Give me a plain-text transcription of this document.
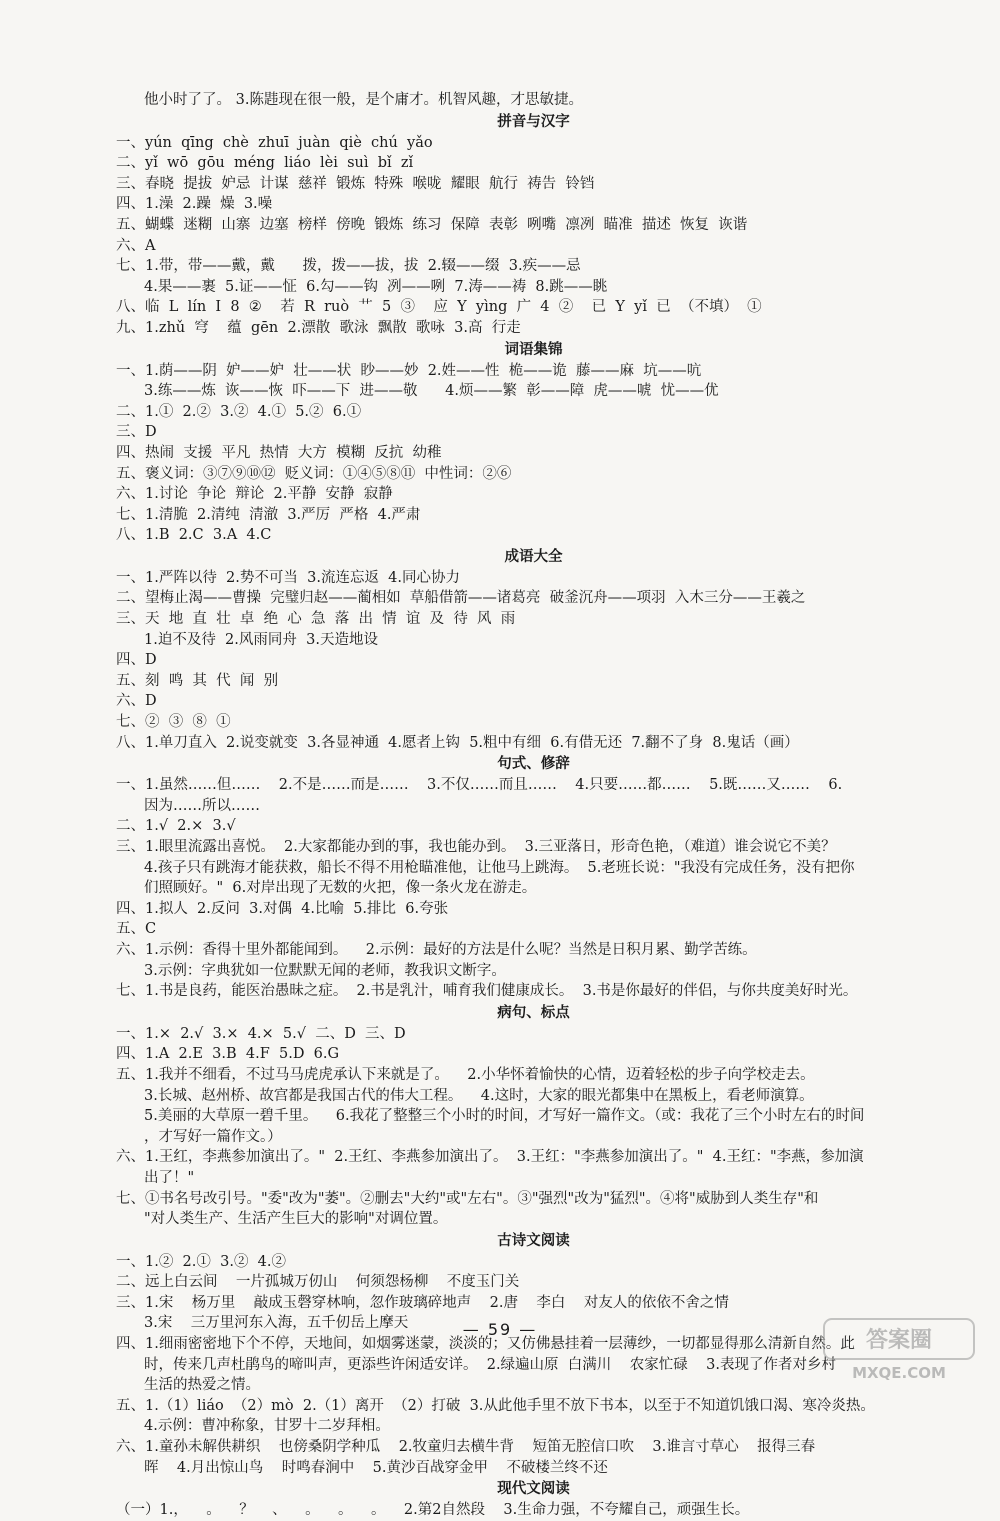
他小时了了。 3.陈韪现在很一般，是个庸才。机智风趣，才思敏捷。
拼音与汉字
一、yún  qīng  chè  zhuī  juàn  qiè  chú  yǎo
二、yǐ  wō  gōu  méng  liáo  lèi  suì  bǐ  zǐ
三、春晓  提拔  妒忌  计谋  慈祥  锻炼  特殊  喉咙  耀眼  航行  祷告  铃铛
四、1.澡  2.躁  燥  3.噪
五、蝴蝶  迷糊  山寨  边塞  榜样  傍晚  锻炼  练习  保障  表彰  咧嘴  凛冽  瞄准  描述  恢复  诙谐
六、A
七、1.带，带——戴，戴      拨，拨——拔，拔  2.辍——缀  3.疾——忌
4.果——裹  5.证——怔  6.勾——钩  冽——咧  7.涛——祷  8.跳——眺
八、临  L  lín  I  8  ②    若  R  ruò  ⺾  5  ③    应  Y  yìng  广  4  ②    已  Y  yǐ  已  （不填）  ①
九、1.zhǔ  穹    蕴  gēn  2.漂散  歌泳  飘散  歌咏  3.高  行走
词语集锦
一、1.荫——阴  妒——妒  壮——状  眇——妙  2.姓——性  桅——诡  藤——麻  坑——吭
3.练——炼  诙——恢  吓——下  进——敬      4.烦——繁  彰——障  虎——唬  忧——优
二、1.①  2.②  3.②  4.①  5.②  6.①
三、D
四、热闹  支援  平凡  热情  大方  模糊  反抗  幼稚
五、褒义词：③⑦⑨⑩⑫  贬义词：①④⑤⑧⑪  中性词：②⑥
六、1.讨论  争论  辩论  2.平静  安静  寂静
七、1.清脆  2.清纯  清澈  3.严厉  严格  4.严肃
八、1.B  2.C  3.A  4.C
成语大全
一、1.严阵以待  2.势不可当  3.流连忘返  4.同心协力
二、望梅止渴——曹操  完璧归赵——蔺相如  草船借箭——诸葛亮  破釜沉舟——项羽  入木三分——王羲之
三、天  地  直  壮  卓  绝  心  急  落  出  情  谊  及  待  风  雨
1.迫不及待  2.风雨同舟  3.天造地设
四、D
五、刻  鸣  其  代  闻  别
六、D
七、②  ③  ⑧  ①
八、1.单刀直入  2.说变就变  3.各显神通  4.愿者上钩  5.粗中有细  6.有借无还  7.翻不了身  8.鬼话（画）
句式、修辞
一、1.虽然……但……    2.不是……而是……    3.不仅……而且……    4.只要……都……    5.既……又……    6.
因为……所以……
二、1.√  2.×  3.√
三、1.眼里流露出喜悦。  2.大家都能办到的事，我也能办到。  3.三亚落日，形奇色艳，（难道）谁会说它不美？
4.孩子只有跳海才能获救，船长不得不用枪瞄准他，让他马上跳海。  5.老班长说："我没有完成任务，没有把你
们照顾好。"  6.对岸出现了无数的火把，像一条火龙在游走。
四、1.拟人  2.反问  3.对偶  4.比喻  5.排比  6.夸张
五、C
六、1.示例：香得十里外都能闻到。    2.示例：最好的方法是什么呢？当然是日积月累、勤学苦练。
3.示例：字典犹如一位默默无闻的老师，教我识文断字。
七、1.书是良药，能医治愚昧之症。  2.书是乳汁，哺育我们健康成长。  3.书是你最好的伴侣，与你共度美好时光。
病句、标点
一、1.×  2.√  3.×  4.×  5.√  二、D  三、D
四、1.A  2.E  3.B  4.F  5.D  6.G
五、1.我并不细看，不过马马虎虎承认下来就是了。    2.小华怀着愉快的心情，迈着轻松的步子向学校走去。
3.长城、赵州桥、故宫都是我国古代的伟大工程。    4.这时，大家的眼光都集中在黑板上，看老师演算。
5.美丽的大草原一碧千里。    6.我花了整整三个小时的时间，才写好一篇作文。（或：我花了三个小时左右的时间
，才写好一篇作文。）
六、1.王红，李燕参加演出了。"  2.王红、李燕参加演出了。  3.王红："李燕参加演出了。"  4.王红："李燕，参加演
出了！"
七、①书名号改引号。"委"改为"萎"。②删去"大约"或"左右"。③"强烈"改为"猛烈"。④将"威胁到人类生存"和
"对人类生产、生活产生巨大的影响"对调位置。
古诗文阅读
一、1.②  2.①  3.②  4.②
二、远上白云间    一片孤城万仞山    何须怨杨柳    不度玉门关
三、1.宋    杨万里    敲成玉磬穿林响，忽作玻璃碎地声    2.唐    李白    对友人的依依不舍之情
3.宋    三万里河东入海，五千仞岳上摩天
四、1.细雨密密地下个不停，天地间，如烟雾迷蒙，淡淡的；又仿佛悬挂着一层薄纱，一切都显得那么清新自然。此
时，传来几声杜鹃鸟的啼叫声，更添些许闲适安详。  2.绿遍山原  白满川    农家忙碌    3.表现了作者对乡村
生活的热爱之情。
五、1.（1）liáo  （2）mò  2.（1）离开  （2）打破  3.从此他手里不放下书本，以至于不知道饥饿口渴、寒冷炎热。
4.示例：曹冲称象，甘罗十二岁拜相。
六、1.童孙未解供耕织    也傍桑阴学种瓜    2.牧童归去横牛背    短笛无腔信口吹    3.谁言寸草心    报得三春
晖    4.月出惊山鸟    时鸣春涧中    5.黄沙百战穿金甲    不破楼兰终不还
现代文阅读
（一）1.，    。    ？    、    。    。    。    2.第2自然段    3.生命力强，不夸耀自己，顽强生长。
— 59 —	答案圈
MXQE.COM
